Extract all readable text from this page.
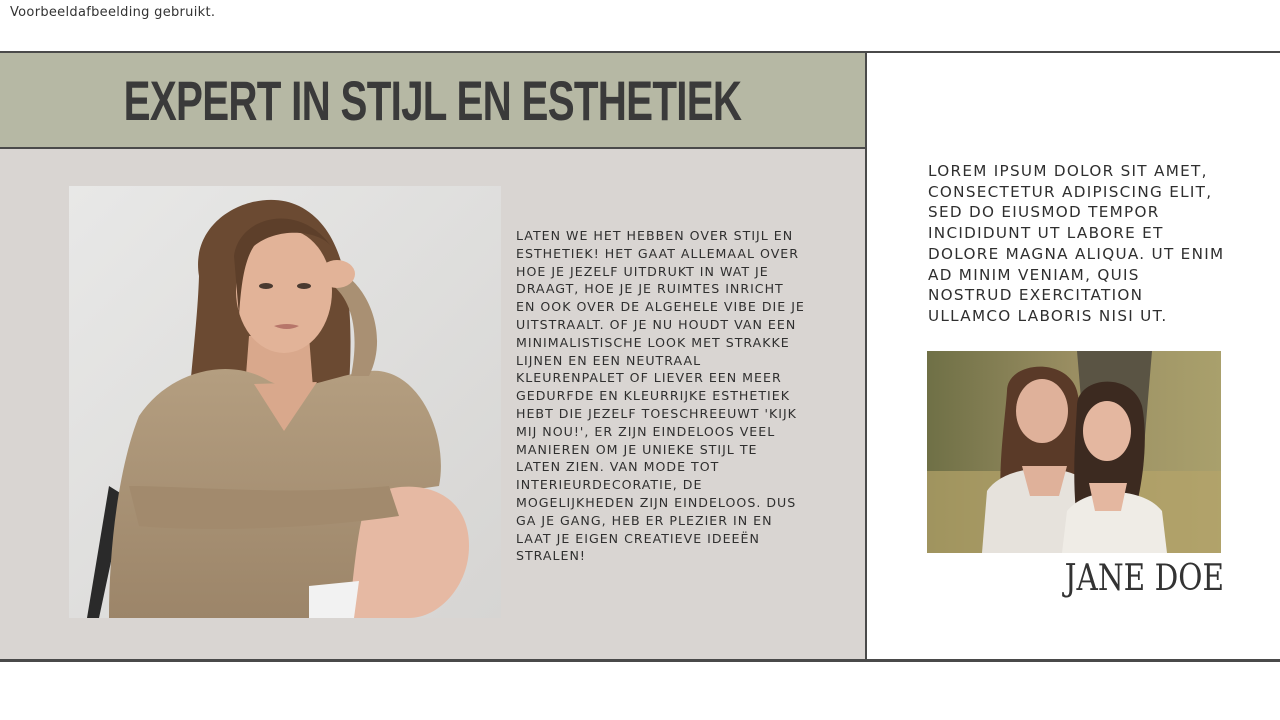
Voorbeeldafbeelding gebruikt.
EXPERT IN STIJL EN ESTHETIEK
LATEN WE HET HEBBEN OVER STIJL EN ESTHETIEK! HET GAAT ALLEMAAL OVER HOE JE JEZELF UITDRUKT IN WAT JE DRAAGT, HOE JE JE RUIMTES INRICHT EN OOK OVER DE ALGEHELE VIBE DIE JE UITSTRAALT. OF JE NU HOUDT VAN EEN MINIMALISTISCHE LOOK MET STRAKKE LIJNEN EN EEN NEUTRAAL KLEURENPALET OF LIEVER EEN MEER GEDURFDE EN KLEURRIJKE ESTHETIEK HEBT DIE JEZELF TOESCHREEUWT 'KIJK MIJ NOU!', ER ZIJN EINDELOOS VEEL MANIEREN OM JE UNIEKE STIJL TE LATEN ZIEN. VAN MODE TOT INTERIEURDECORATIE, DE MOGELIJKHEDEN ZIJN EINDELOOS. DUS GA JE GANG, HEB ER PLEZIER IN EN LAAT JE EIGEN CREATIEVE IDEEËN STRALEN!
LOREM IPSUM DOLOR SIT AMET, CONSECTETUR ADIPISCING ELIT, SED DO EIUSMOD TEMPOR INCIDIDUNT UT LABORE ET DOLORE MAGNA ALIQUA. UT ENIM AD MINIM VENIAM, QUIS NOSTRUD EXERCITATION ULLAMCO LABORIS NISI UT.
JANE DOE
